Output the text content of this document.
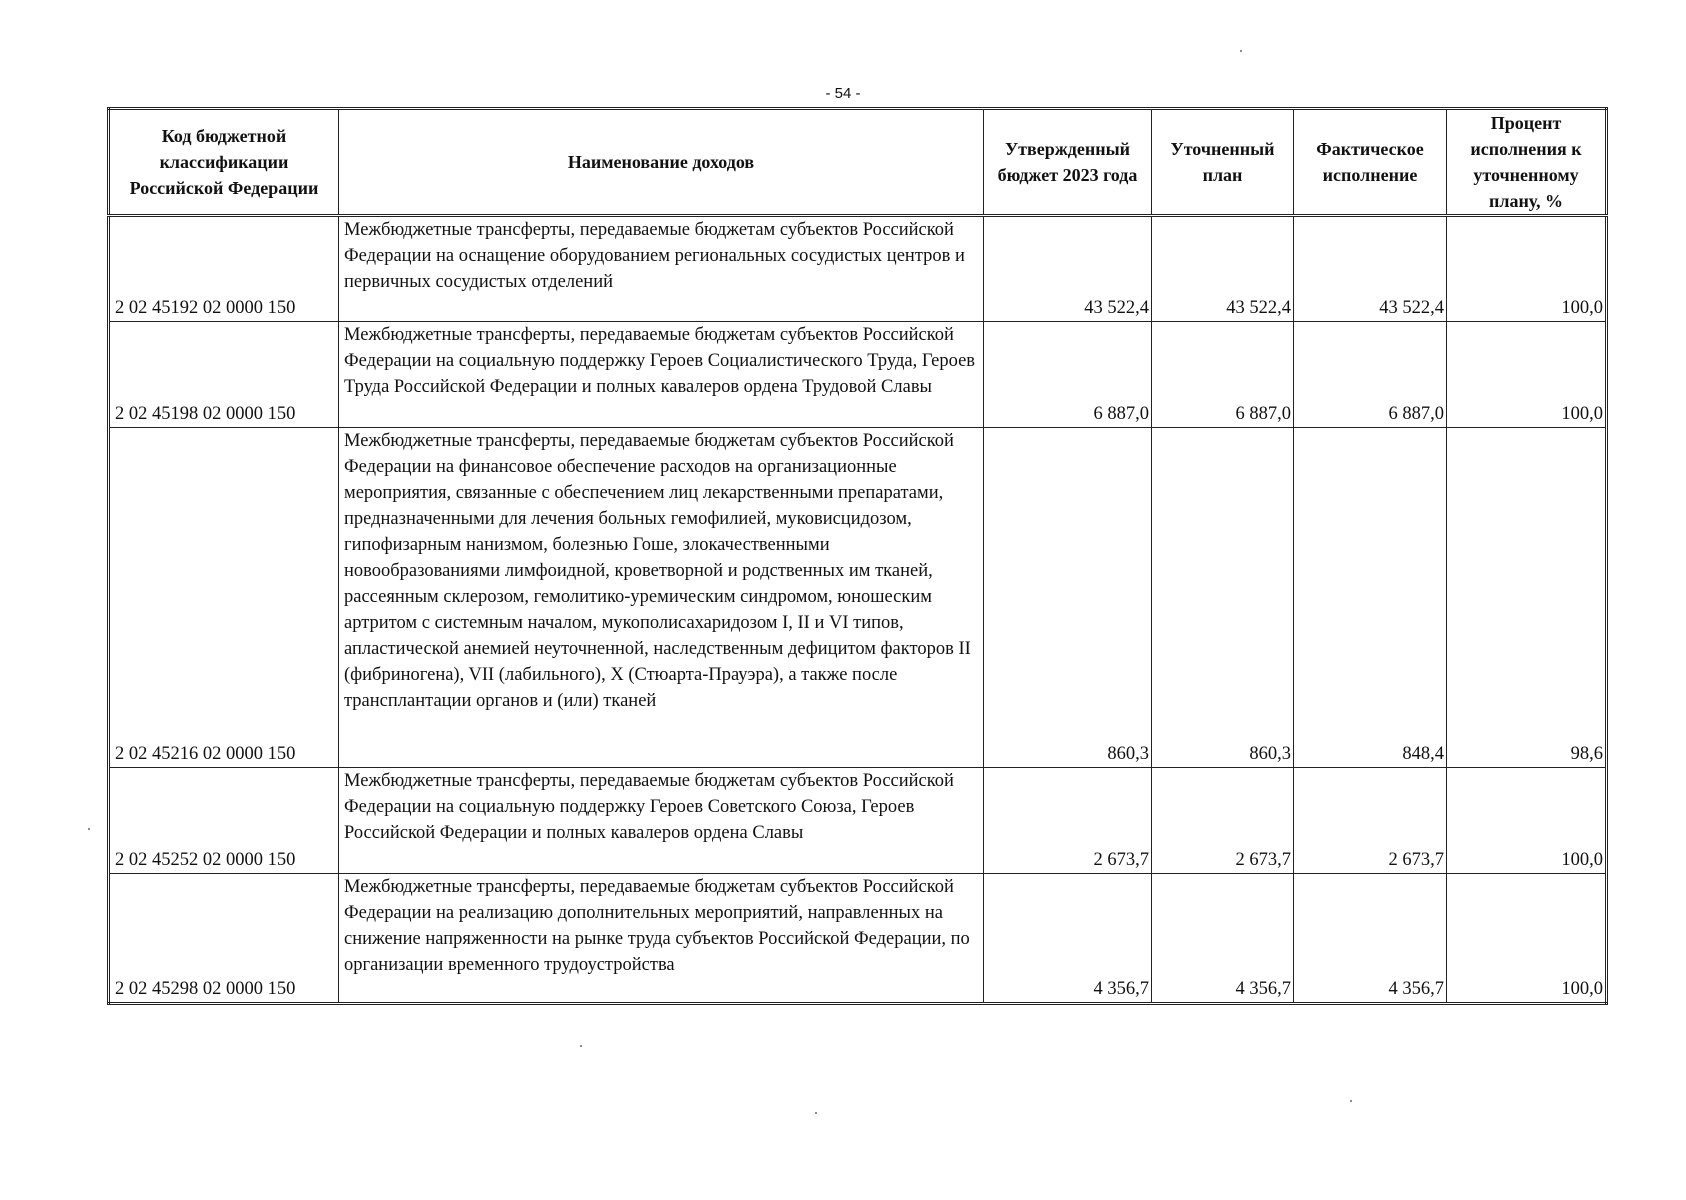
- 54 -
Код бюджетной классификации Российской Федерации	Наименование доходов	Утвержденный бюджет 2023 года	Уточненный план	Фактическое исполнение	Процент исполнения к уточненному плану, %

2 02 45192 02 0000 150	Межбюджетные трансферты, передаваемые бюджетам субъектов Российской Федерации на оснащение оборудованием региональных сосудистых центров и первичных сосудистых отделений	43 522,4	43 522,4	43 522,4	100,0
2 02 45198 02 0000 150	Межбюджетные трансферты, передаваемые бюджетам субъектов Российской Федерации на социальную поддержку Героев Социалистического Труда, Героев Труда Российской Федерации и полных кавалеров ордена Трудовой Славы	6 887,0	6 887,0	6 887,0	100,0
2 02 45216 02 0000 150	Межбюджетные трансферты, передаваемые бюджетам субъектов Российской Федерации на финансовое обеспечение расходов на организационные мероприятия, связанные с обеспечением лиц лекарственными препаратами, предназначенными для лечения больных гемофилией, муковисцидозом, гипофизарным нанизмом, болезнью Гоше, злокачественными новообразованиями лимфоидной, кроветворной и родственных им тканей, рассеянным склерозом, гемолитико-уремическим синдромом, юношеским артритом с системным началом, мукополисахаридозом I, II и VI типов, апластической анемией неуточненной, наследственным дефицитом факторов II (фибриногена), VII (лабильного), X (Стюарта-Прауэра), а также после трансплантации органов и (или) тканей	860,3	860,3	848,4	98,6
2 02 45252 02 0000 150	Межбюджетные трансферты, передаваемые бюджетам субъектов Российской Федерации на социальную поддержку Героев Советского Союза, Героев Российской Федерации и полных кавалеров ордена Славы	2 673,7	2 673,7	2 673,7	100,0
2 02 45298 02 0000 150	Межбюджетные трансферты, передаваемые бюджетам субъектов Российской Федерации на реализацию дополнительных мероприятий, направленных на снижение напряженности на рынке труда субъектов Российской Федерации, по организации временного трудоустройства	4 356,7	4 356,7	4 356,7	100,0
